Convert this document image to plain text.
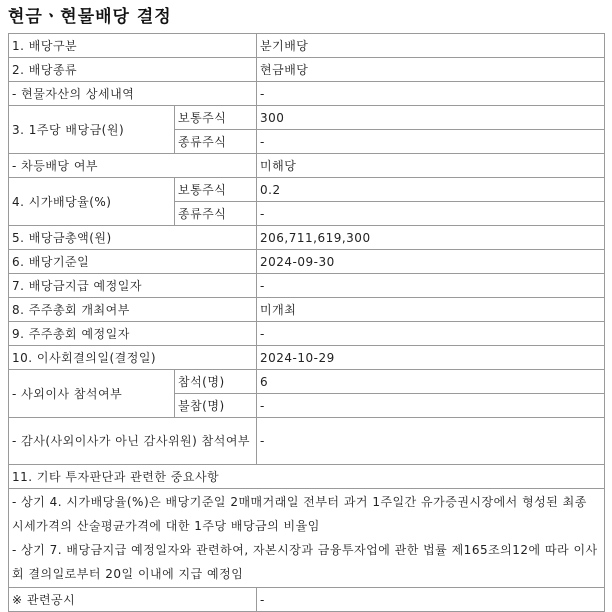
현금ㆍ현물배당 결정
1. 배당구분		분기배당
2. 배당종류		현금배당
- 현물자산의 상세내역		-
3. 1주당 배당금(원)	보통주식	300
	종류주식	-
- 차등배당 여부		미해당
4. 시가배당율(%)	보통주식	0.2
	종류주식	-
5. 배당금총액(원)		206,711,619,300
6. 배당기준일		2024-09-30
7. 배당금지급 예정일자		-
8. 주주총회 개최여부		미개최
9. 주주총회 예정일자		-
10. 이사회결의일(결정일)		2024-10-29
- 사외이사 참석여부	참석(명)	6
	불참(명)	-
- 감사(사외이사가 아닌 감사위원) 참석여부		-
11. 기타 투자판단과 관련한 중요사항		

- 상기 4. 시가배당율(%)은 배당기준일 2매매거래일 전부터 과거 1주일간 유가증권시장에서 형성된 최종 시세가격의 산술평균가격에 대한 1주당 배당금의 비율임
- 상기 7. 배당금지급 예정일자와 관련하여, 자본시장과 금융투자업에 관한 법률 제165조의12에 따라 이사회 결의일로부터 20일 이내에 지급 예정임		

※ 관련공시		-
